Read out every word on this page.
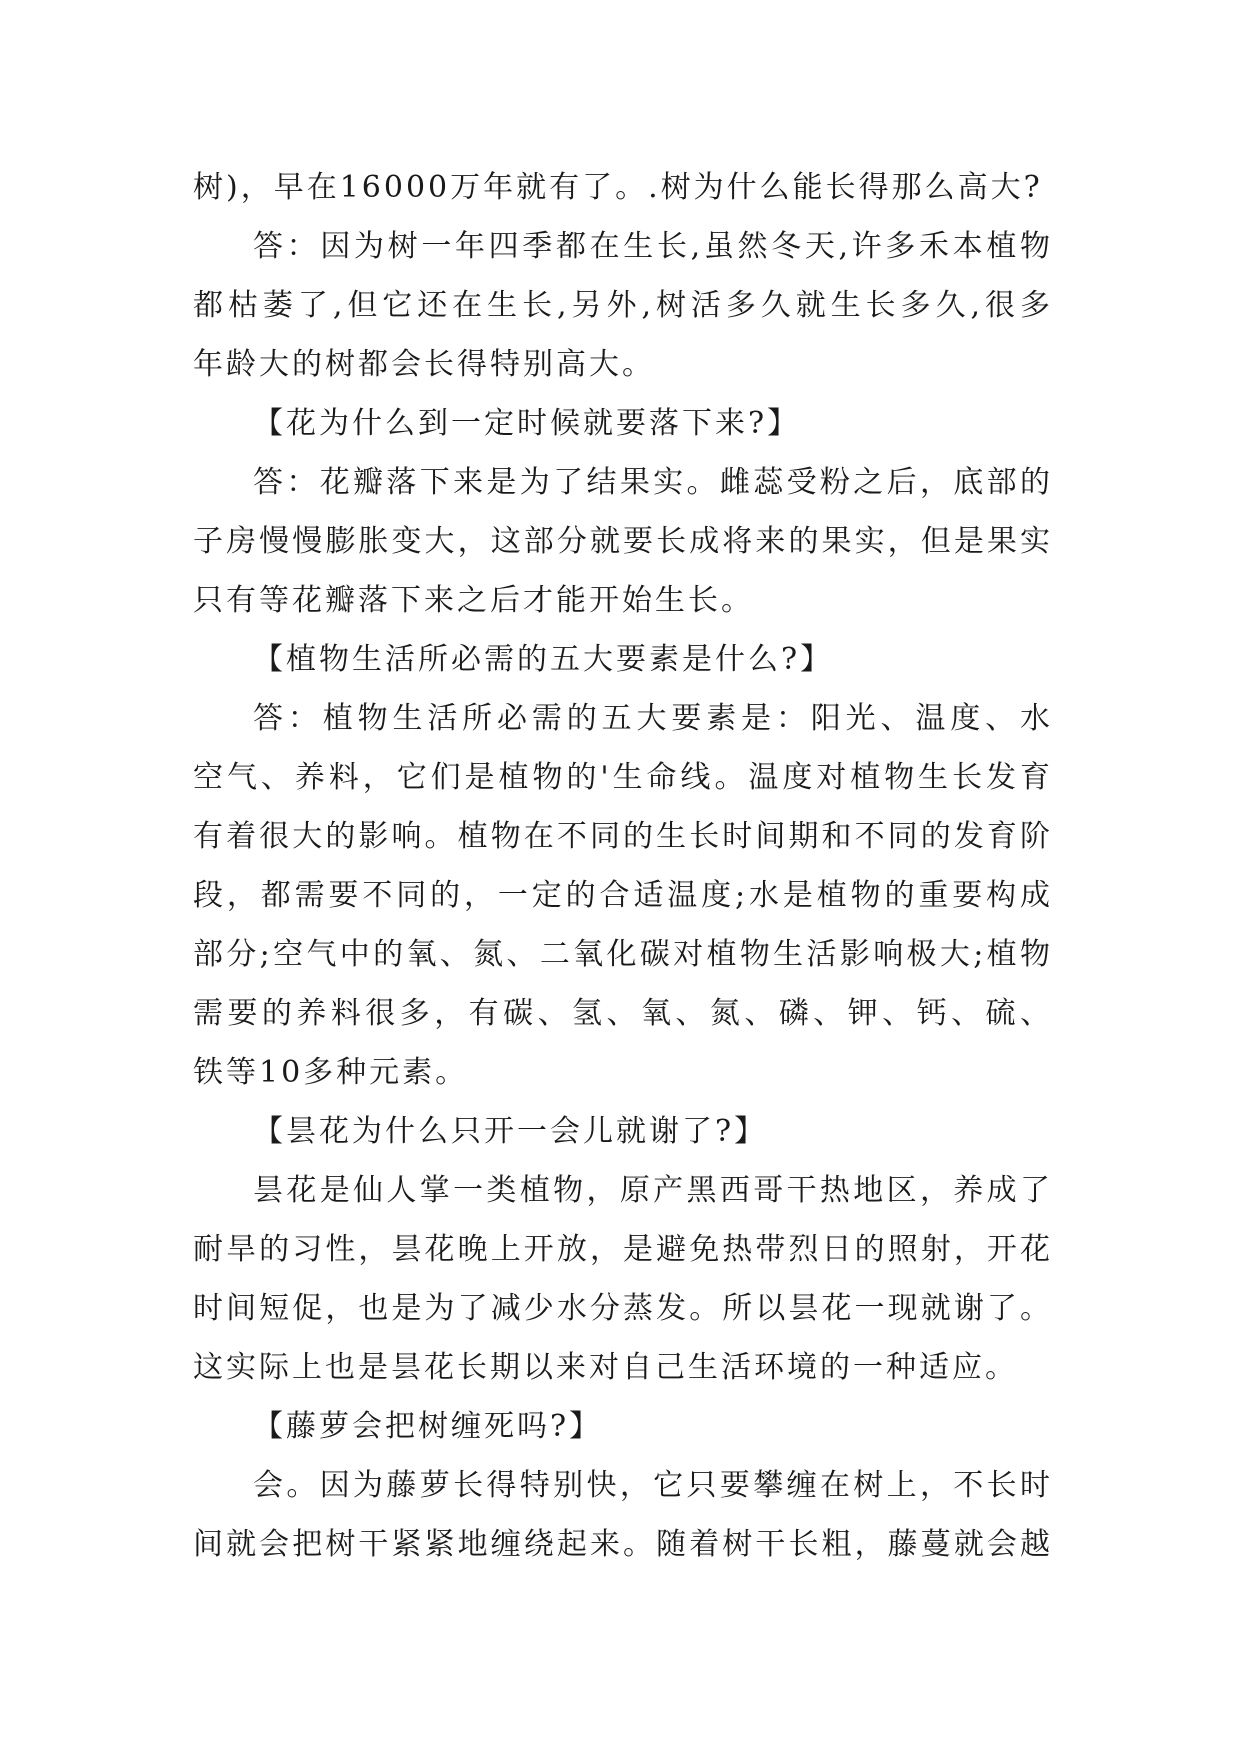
树)，早在16000万年就有了。.树为什么能长得那么高大?
答：因为树一年四季都在生长,虽然冬天,许多禾本植物
都枯萎了,但它还在生长,另外,树活多久就生长多久,很多
年龄大的树都会长得特别高大。
【花为什么到一定时候就要落下来?】
答：花瓣落下来是为了结果实。雌蕊受粉之后，底部的
子房慢慢膨胀变大，这部分就要长成将来的果实，但是果实
只有等花瓣落下来之后才能开始生长。
【植物生活所必需的五大要素是什么?】
答：植物生活所必需的五大要素是：阳光、温度、水
空气、养料，它们是植物的'生命线。温度对植物生长发育
有着很大的影响。植物在不同的生长时间期和不同的发育阶
段，都需要不同的，一定的合适温度;水是植物的重要构成
部分;空气中的氧、氮、二氧化碳对植物生活影响极大;植物
需要的养料很多，有碳、氢、氧、氮、磷、钾、钙、硫、
铁等10多种元素。
【昙花为什么只开一会儿就谢了?】
昙花是仙人掌一类植物，原产黑西哥干热地区，养成了
耐旱的习性，昙花晚上开放，是避免热带烈日的照射，开花
时间短促，也是为了减少水分蒸发。所以昙花一现就谢了。
这实际上也是昙花长期以来对自己生活环境的一种适应。
【藤萝会把树缠死吗?】
会。因为藤萝长得特别快，它只要攀缠在树上，不长时
间就会把树干紧紧地缠绕起来。随着树干长粗，藤蔓就会越
